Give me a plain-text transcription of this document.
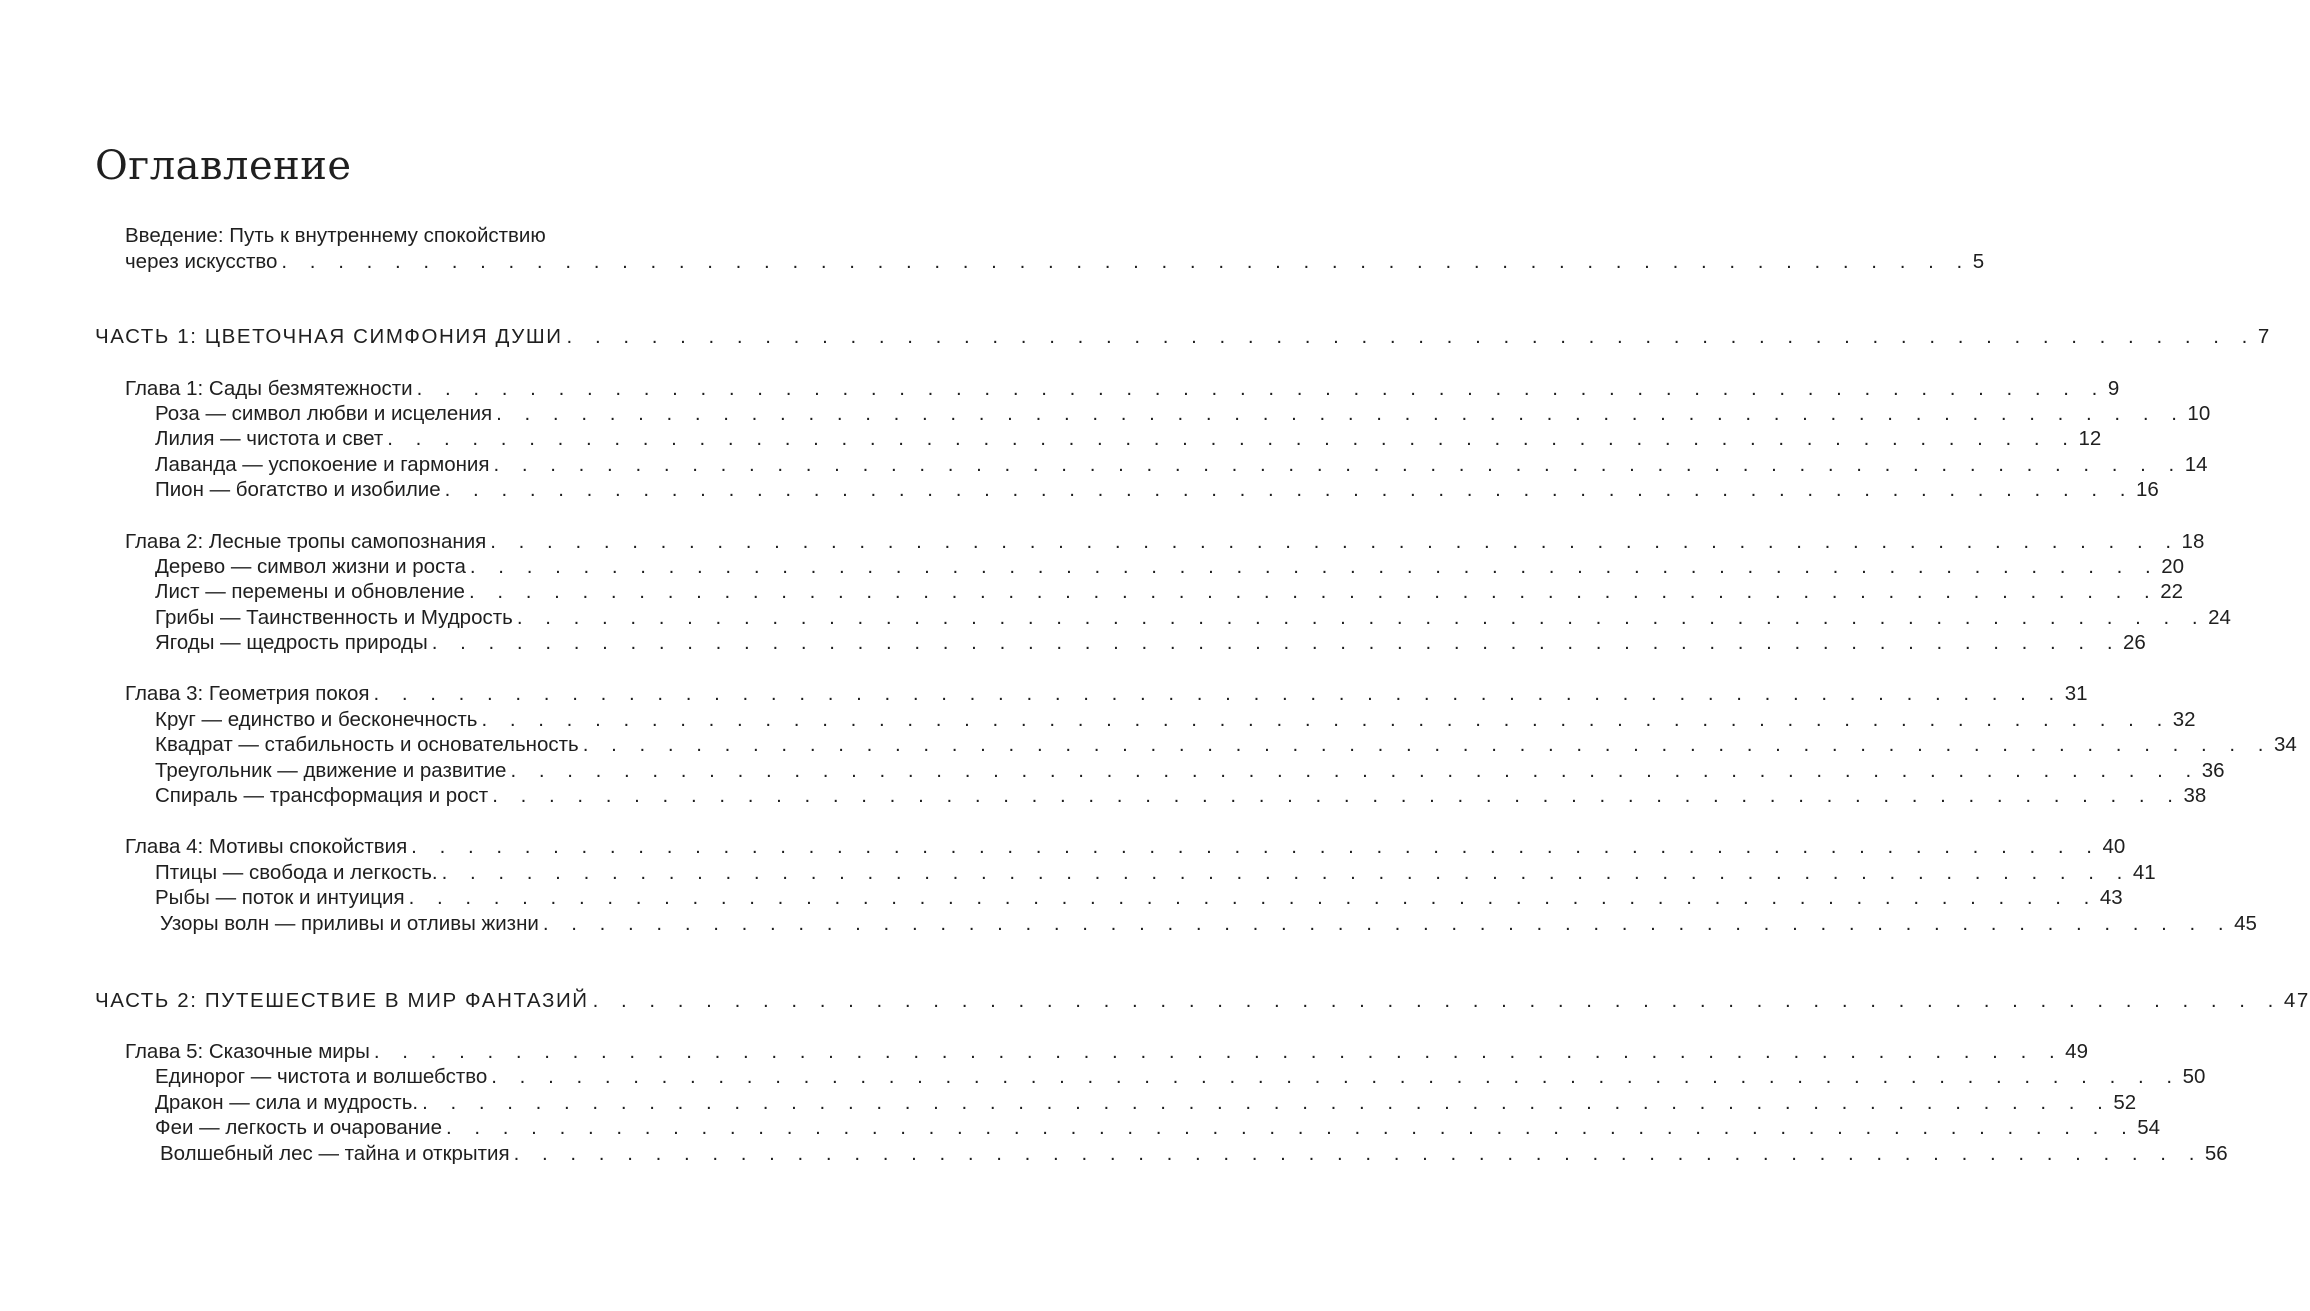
Оглавление
Введение: Путь к внутреннему спокойствию
через искусство . . . . . . . . . . . . . . . . . . . . . . . . . . . . . . . . . . . . . . . . . . . . . . . . . . . . . . . . . . . . 5
ЧАСТЬ 1: ЦВЕТОЧНАЯ СИМФОНИЯ ДУШИ . . . . . . . . . . . . . . . . . . . . . . . . . . . . . . . . . . . . . . . . . . . . . . . . . . . . . . . . . . . . 7
Глава 1: Сады безмятежности . . . . . . . . . . . . . . . . . . . . . . . . . . . . . . . . . . . . . . . . . . . . . . . . . . . . . . . . . . . . 9
Роза — символ любви и исцеления . . . . . . . . . . . . . . . . . . . . . . . . . . . . . . . . . . . . . . . . . . . . . . . . . . . . . . . . . . . . 10
Лилия — чистота и свет . . . . . . . . . . . . . . . . . . . . . . . . . . . . . . . . . . . . . . . . . . . . . . . . . . . . . . . . . . . . 12
Лаванда — успокоение и гармония . . . . . . . . . . . . . . . . . . . . . . . . . . . . . . . . . . . . . . . . . . . . . . . . . . . . . . . . . . . . 14
Пион — богатство и изобилие . . . . . . . . . . . . . . . . . . . . . . . . . . . . . . . . . . . . . . . . . . . . . . . . . . . . . . . . . . . . 16
Глава 2: Лесные тропы самопознания . . . . . . . . . . . . . . . . . . . . . . . . . . . . . . . . . . . . . . . . . . . . . . . . . . . . . . . . . . . . 18
Дерево — символ жизни и роста . . . . . . . . . . . . . . . . . . . . . . . . . . . . . . . . . . . . . . . . . . . . . . . . . . . . . . . . . . . . 20
Лист — перемены и обновление . . . . . . . . . . . . . . . . . . . . . . . . . . . . . . . . . . . . . . . . . . . . . . . . . . . . . . . . . . . . 22
Грибы — Таинственность и Мудрость . . . . . . . . . . . . . . . . . . . . . . . . . . . . . . . . . . . . . . . . . . . . . . . . . . . . . . . . . . . . 24
Ягоды — щедрость природы . . . . . . . . . . . . . . . . . . . . . . . . . . . . . . . . . . . . . . . . . . . . . . . . . . . . . . . . . . . . 26
Глава 3: Геометрия покоя . . . . . . . . . . . . . . . . . . . . . . . . . . . . . . . . . . . . . . . . . . . . . . . . . . . . . . . . . . . . 31
Круг — единство и бесконечность . . . . . . . . . . . . . . . . . . . . . . . . . . . . . . . . . . . . . . . . . . . . . . . . . . . . . . . . . . . . 32
Квадрат — стабильность и основательность . . . . . . . . . . . . . . . . . . . . . . . . . . . . . . . . . . . . . . . . . . . . . . . . . . . . . . . . . . . . 34
Треугольник — движение и развитие . . . . . . . . . . . . . . . . . . . . . . . . . . . . . . . . . . . . . . . . . . . . . . . . . . . . . . . . . . . . 36
Спираль — трансформация и рост . . . . . . . . . . . . . . . . . . . . . . . . . . . . . . . . . . . . . . . . . . . . . . . . . . . . . . . . . . . . 38
Глава 4: Мотивы спокойствия . . . . . . . . . . . . . . . . . . . . . . . . . . . . . . . . . . . . . . . . . . . . . . . . . . . . . . . . . . . . 40
Птицы — свобода и легкость. . . . . . . . . . . . . . . . . . . . . . . . . . . . . . . . . . . . . . . . . . . . . . . . . . . . . . . . . . . . . 41
Рыбы — поток и интуиция . . . . . . . . . . . . . . . . . . . . . . . . . . . . . . . . . . . . . . . . . . . . . . . . . . . . . . . . . . . . 43
Узоры волн — приливы и отливы жизни . . . . . . . . . . . . . . . . . . . . . . . . . . . . . . . . . . . . . . . . . . . . . . . . . . . . . . . . . . . . 45
ЧАСТЬ 2: ПУТЕШЕСТВИЕ В МИР ФАНТАЗИЙ . . . . . . . . . . . . . . . . . . . . . . . . . . . . . . . . . . . . . . . . . . . . . . . . . . . . . . . . . . . . 47
Глава 5: Сказочные миры . . . . . . . . . . . . . . . . . . . . . . . . . . . . . . . . . . . . . . . . . . . . . . . . . . . . . . . . . . . . 49
Единорог — чистота и волшебство . . . . . . . . . . . . . . . . . . . . . . . . . . . . . . . . . . . . . . . . . . . . . . . . . . . . . . . . . . . . 50
Дракон — сила и мудрость. . . . . . . . . . . . . . . . . . . . . . . . . . . . . . . . . . . . . . . . . . . . . . . . . . . . . . . . . . . . . 52
Феи — легкость и очарование . . . . . . . . . . . . . . . . . . . . . . . . . . . . . . . . . . . . . . . . . . . . . . . . . . . . . . . . . . . . 54
Волшебный лес — тайна и открытия . . . . . . . . . . . . . . . . . . . . . . . . . . . . . . . . . . . . . . . . . . . . . . . . . . . . . . . . . . . . 56
